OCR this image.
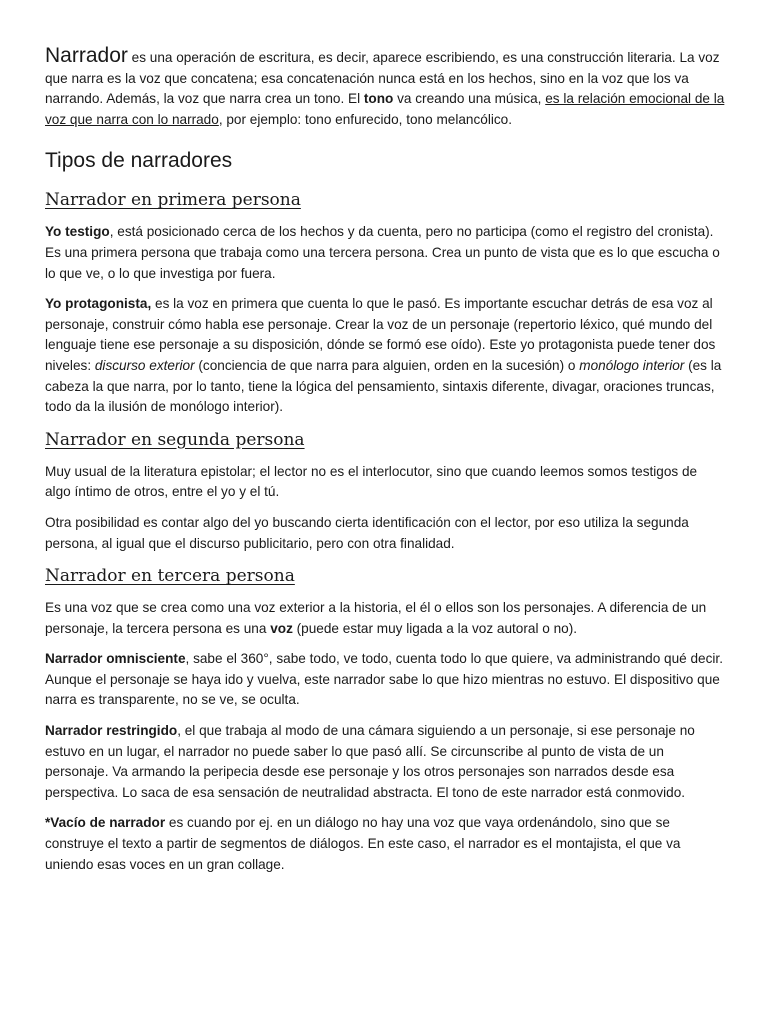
Narrador es una operación de escritura, es decir, aparece escribiendo, es una construcción literaria. La voz que narra es la voz que concatena; esa concatenación nunca está en los hechos, sino en la voz que los va narrando. Además, la voz que narra crea un tono. El tono va creando una música, es la relación emocional de la voz que narra con lo narrado, por ejemplo: tono enfurecido, tono melancólico.

Tipos de narradores
Narrador en primera persona

Yo testigo, está posicionado cerca de los hechos y da cuenta, pero no participa (como el registro del cronista). Es una primera persona que trabaja como una tercera persona. Crea un punto de vista que es lo que escucha o lo que ve, o lo que investiga por fuera.

Yo protagonista, es la voz en primera que cuenta lo que le pasó. Es importante escuchar detrás de esa voz al personaje, construir cómo habla ese personaje. Crear la voz de un personaje (repertorio léxico, qué mundo del lenguaje tiene ese personaje a su disposición, dónde se formó ese oído). Este yo protagonista puede tener dos niveles: discurso exterior (conciencia de que narra para alguien, orden en la sucesión) o monólogo interior (es la cabeza la que narra, por lo tanto, tiene la lógica del pensamiento, sintaxis diferente, divagar, oraciones truncas, todo da la ilusión de monólogo interior).

Narrador en segunda persona

Muy usual de la literatura epistolar; el lector no es el interlocutor, sino que cuando leemos somos testigos de algo íntimo de otros, entre el yo y el tú.

Otra posibilidad es contar algo del yo buscando cierta identificación con el lector, por eso utiliza la segunda persona, al igual que el discurso publicitario, pero con otra finalidad.

Narrador en tercera persona

Es una voz que se crea como una voz exterior a la historia, el él o ellos son los personajes. A diferencia de un personaje, la tercera persona es una voz (puede estar muy ligada a la voz autoral o no).

Narrador omnisciente, sabe el 360°, sabe todo, ve todo, cuenta todo lo que quiere, va administrando qué decir. Aunque el personaje se haya ido y vuelva, este narrador sabe lo que hizo mientras no estuvo. El dispositivo que narra es transparente, no se ve, se oculta.

Narrador restringido, el que trabaja al modo de una cámara siguiendo a un personaje, si ese personaje no estuvo en un lugar, el narrador no puede saber lo que pasó allí. Se circunscribe al punto de vista de un personaje. Va armando la peripecia desde ese personaje y los otros personajes son narrados desde esa perspectiva. Lo saca de esa sensación de neutralidad abstracta. El tono de este narrador está conmovido.

*Vacío de narrador es cuando por ej. en un diálogo no hay una voz que vaya ordenándolo, sino que se construye el texto a partir de segmentos de diálogos. En este caso, el narrador es el montajista, el que va uniendo esas voces en un gran collage.
